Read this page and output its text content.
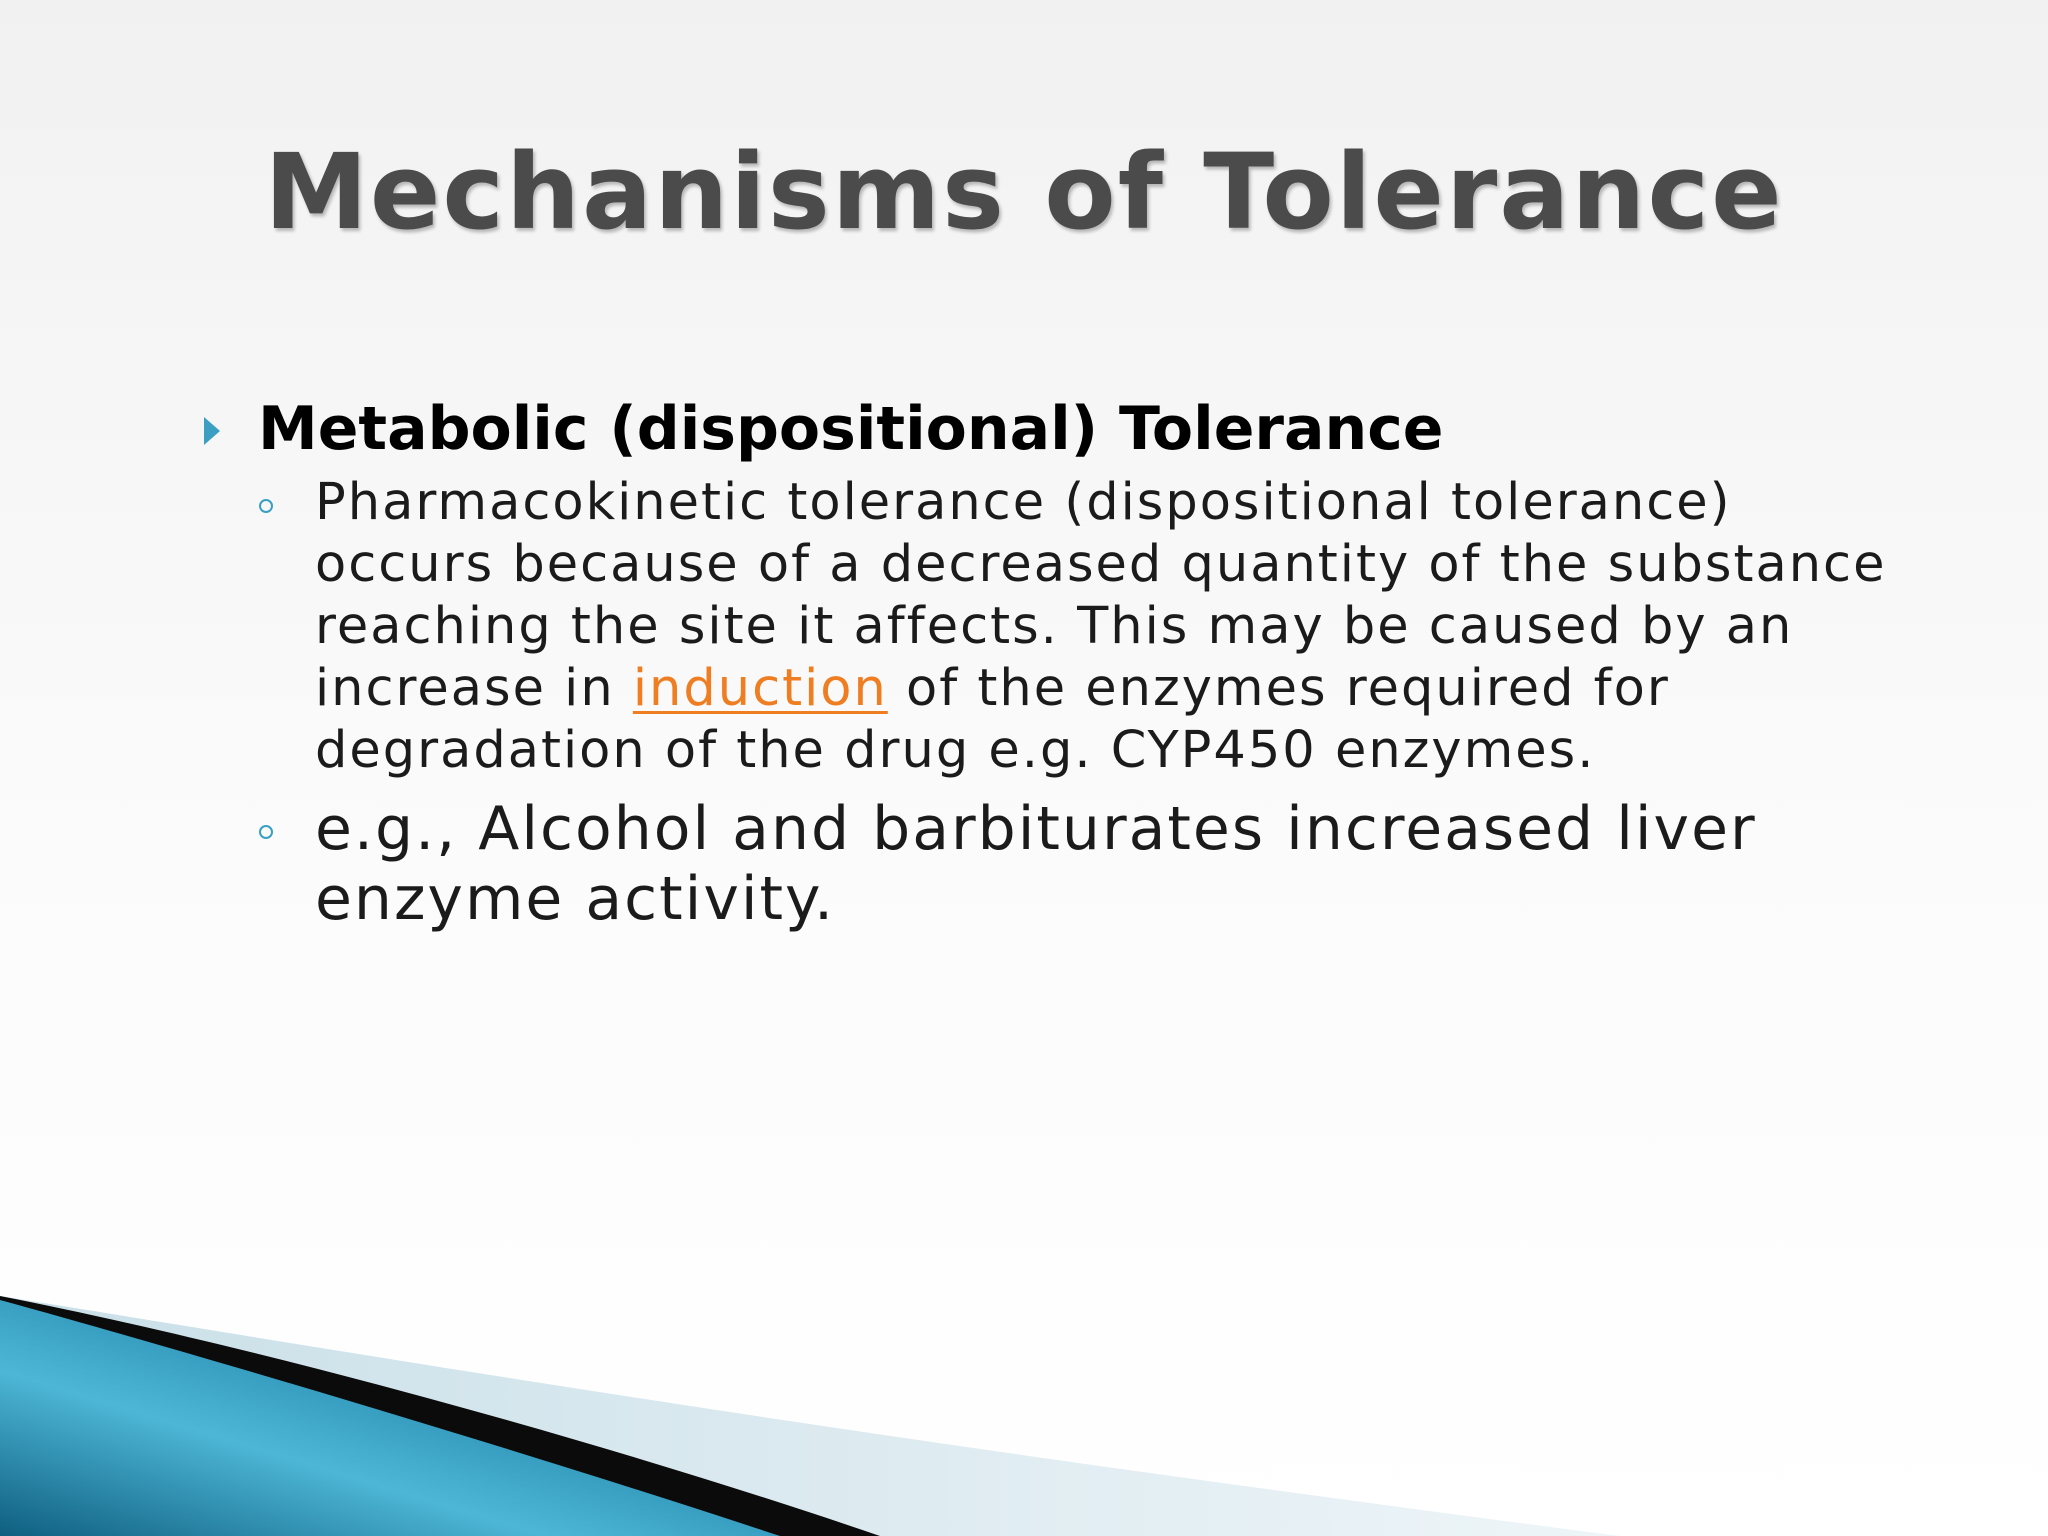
Mechanisms of Tolerance
Metabolic (dispositional) Tolerance
Pharmacokinetic tolerance (dispositional tolerance) occurs because of a decreased quantity of the substance reaching the site it affects. This may be caused by an increase in induction of the enzymes required for degradation of the drug e.g. CYP450 enzymes.
e.g., Alcohol and barbiturates increased liver enzyme activity.
